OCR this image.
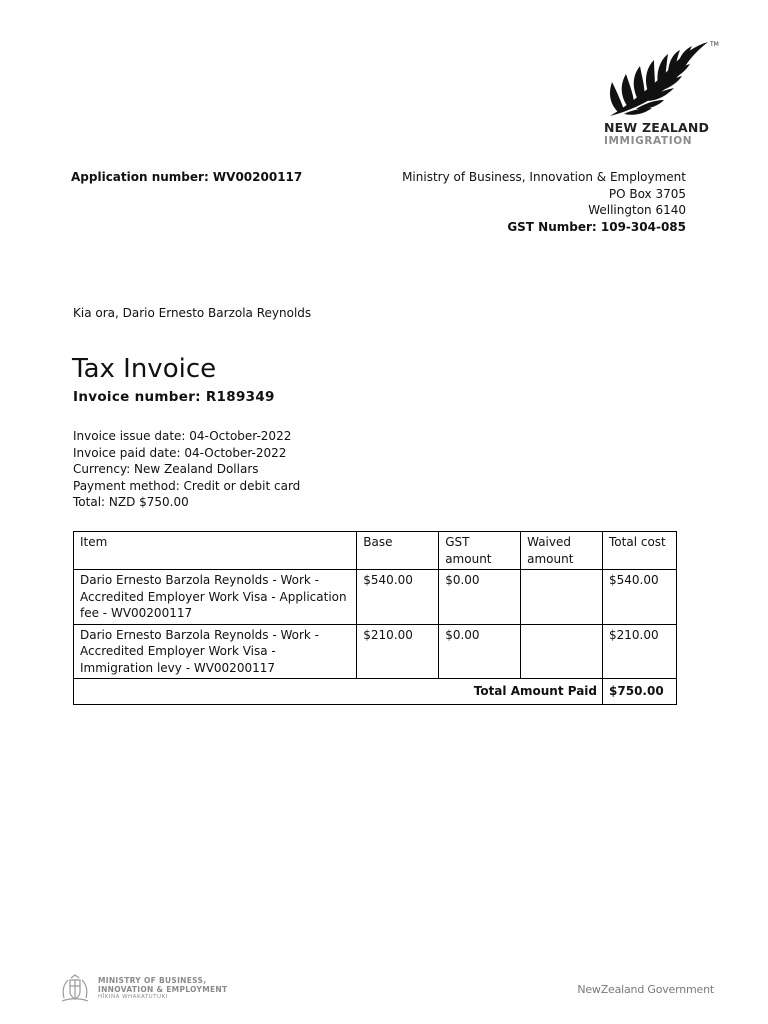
TM
NEW ZEALAND
IMMIGRATION
Application number: WV00200117	Ministry of Business, Innovation & Employment
PO Box 3705
Wellington 6140
GST Number: 109-304-085
Kia ora, Dario Ernesto Barzola Reynolds
Tax Invoice
Invoice number: R189349
Invoice issue date: 04-October-2022
Invoice paid date: 04-October-2022
Currency: New Zealand Dollars
Payment method: Credit or debit card
Total: NZD $750.00
Item	Base	GST amount	Waived amount	Total cost
Dario Ernesto Barzola Reynolds - Work - Accredited Employer Work Visa - Application fee - WV00200117	$540.00	$0.00		$540.00
Dario Ernesto Barzola Reynolds - Work - Accredited Employer Work Visa - Immigration levy - WV00200117	$210.00	$0.00		$210.00
Total Amount Paid				$750.00
MINISTRY OF BUSINESS,
INNOVATION & EMPLOYMENT
HĪKINA WHAKATUTUKI
NewZealand Government
